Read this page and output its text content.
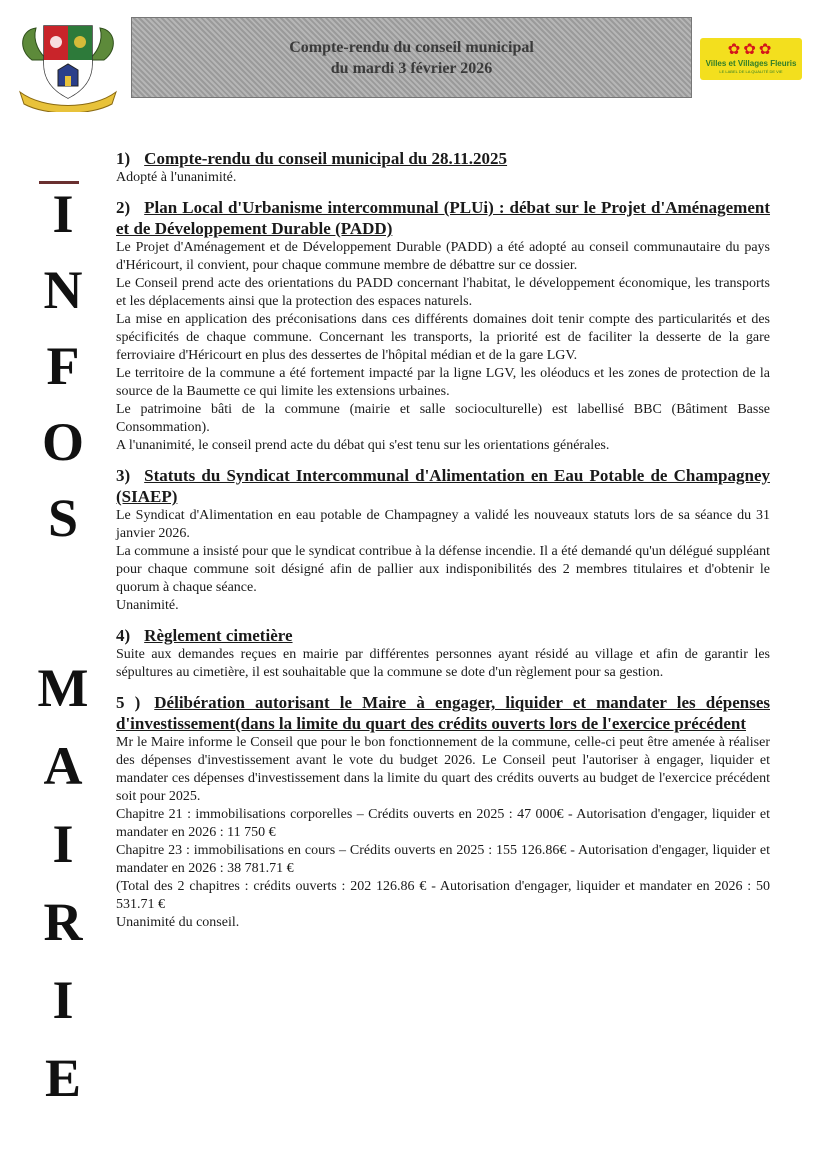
Compte-rendu du conseil municipal
du mardi 3 février 2026
✿✿✿
Villes et Villages Fleuris
LE LABEL DE LA QUALITÉ DE VIE
I
N
F
O
S
M
A
I
R
I
E
1) Compte-rendu du conseil municipal du 28.11.2025

Adopté à l'unanimité.

2) Plan Local d'Urbanisme intercommunal (PLUi) : débat sur le Projet d'Aménagement et de Développement Durable (PADD)

Le Projet d'Aménagement et de Développement Durable (PADD) a été adopté au conseil communautaire du pays d'Héricourt, il convient, pour chaque commune membre de débattre sur ce dossier.

Le Conseil prend acte des orientations du PADD concernant l'habitat, le développement économique, les transports et les déplacements ainsi que la protection des espaces naturels.

La mise en application des préconisations dans ces différents domaines doit tenir compte des particularités et des spécificités de chaque commune. Concernant les transports, la priorité est de faciliter la desserte de la gare ferroviaire d'Héricourt en plus des dessertes de l'hôpital médian et de la gare LGV.

Le territoire de la commune a été fortement impacté par la ligne LGV, les oléoducs et les zones de protection de la source de la Baumette ce qui limite les extensions urbaines.

Le patrimoine bâti de la commune (mairie et salle socioculturelle) est labellisé BBC (Bâtiment Basse Consommation).

A l'unanimité, le conseil prend acte du débat qui s'est tenu sur les orientations générales.

3) Statuts du Syndicat Intercommunal d'Alimentation en Eau Potable de Champagney (SIAEP)

Le Syndicat d'Alimentation en eau potable de Champagney a validé les nouveaux statuts lors de sa séance du 31 janvier 2026.

La commune a insisté pour que le syndicat contribue à la défense incendie. Il a été demandé qu'un délégué suppléant pour chaque commune soit désigné afin de pallier aux indisponibilités des 2 membres titulaires et d'obtenir le quorum à chaque séance.

Unanimité.

4) Règlement cimetière

Suite aux demandes reçues en mairie par différentes personnes ayant résidé au village et afin de garantir les sépultures au cimetière, il est souhaitable que la commune se dote d'un règlement pour sa gestion.

5 ) Délibération autorisant le Maire à engager, liquider et mandater les dépenses d'investissement(dans la limite du quart des crédits ouverts lors de l'exercice précédent

Mr le Maire informe le Conseil que pour le bon fonctionnement de la commune, celle-ci peut être amenée à réaliser des dépenses d'investissement avant le vote du budget 2026. Le Conseil peut l'autoriser à engager, liquider et mandater ces dépenses d'investissement dans la limite du quart des crédits ouverts au budget de l'exercice précédent soit pour 2025.

Chapitre 21 : immobilisations corporelles – Crédits ouverts en 2025 : 47 000€ - Autorisation d'engager, liquider et mandater en 2026 : 11 750 €

Chapitre 23 : immobilisations en cours – Crédits ouverts en 2025 : 155 126.86€ - Autorisation d'engager, liquider et mandater en 2026 : 38 781.71 €

(Total des 2 chapitres : crédits ouverts : 202 126.86 € - Autorisation d'engager, liquider et mandater en 2026 : 50 531.71 €

Unanimité du conseil.
